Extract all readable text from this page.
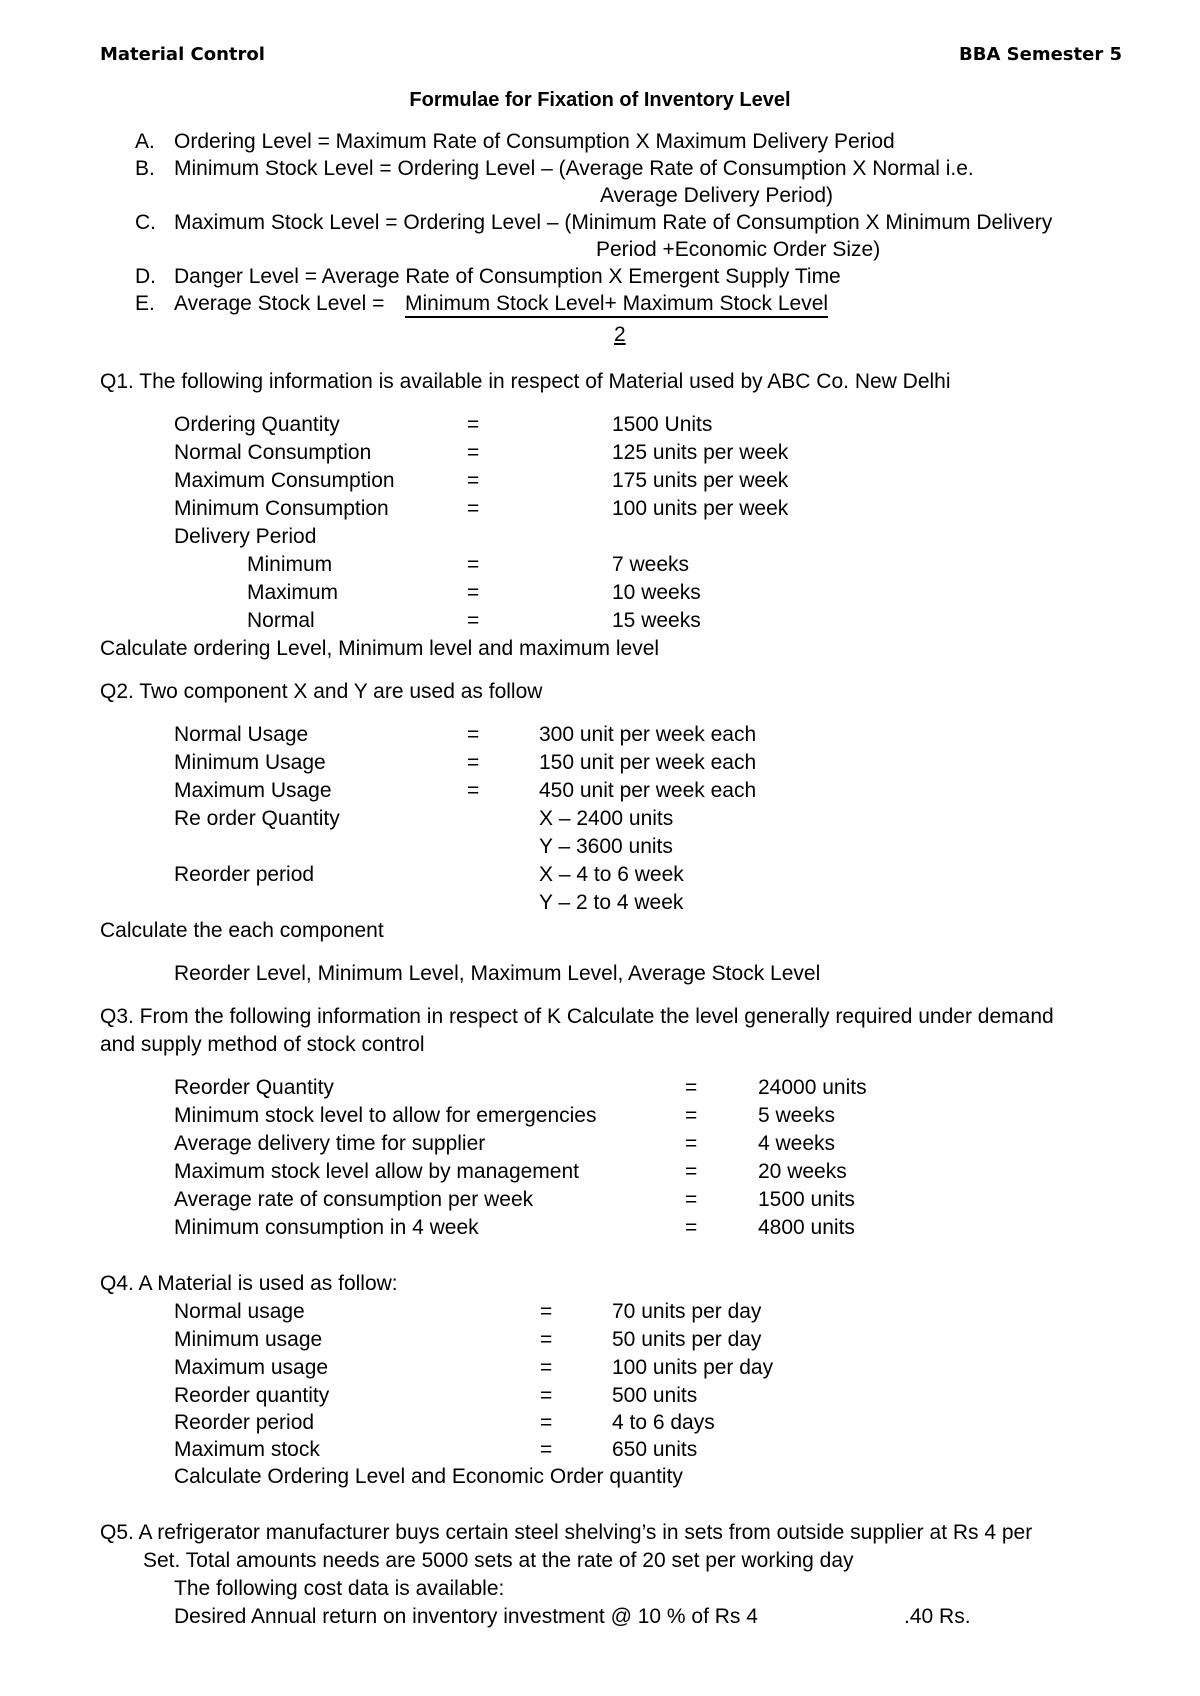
Material Control	BBA Semester 5
Formulae for Fixation of Inventory Level
A. Ordering Level = Maximum Rate of Consumption X Maximum Delivery Period
B. Minimum Stock Level = Ordering Level – (Average Rate of Consumption X Normal i.e.
Average Delivery Period)
C. Maximum Stock Level = Ordering Level – (Minimum Rate of Consumption X Minimum Delivery
Period +Economic Order Size)
D. Danger Level = Average Rate of Consumption X Emergent Supply Time
E. Average Stock Level = Minimum Stock Level+ Maximum Stock Level
2
Q1. The following information is available in respect of Material used by ABC Co. New Delhi
Ordering Quantity	=	1500 Units
Normal Consumption	=	125 units per week
Maximum Consumption	=	175 units per week
Minimum Consumption	=	100 units per week
Delivery Period
Minimum	=	7 weeks
Maximum	=	10 weeks
Normal	=	15 weeks
Calculate ordering Level, Minimum level and maximum level
Q2. Two component X and Y are used as follow
Normal Usage	=	300 unit per week each
Minimum Usage	=	150 unit per week each
Maximum Usage	=	450 unit per week each
Re order Quantity	X – 2400 units
Y – 3600 units
Reorder period	X – 4 to 6 week
Y – 2 to 4 week
Calculate the each component
Reorder Level, Minimum Level, Maximum Level, Average Stock Level
Q3. From the following information in respect of K Calculate the level generally required under demand
and supply method of stock control
Reorder Quantity	=	24000 units
Minimum stock level to allow for emergencies	=	5 weeks
Average delivery time for supplier	=	4 weeks
Maximum stock level allow by management	=	20 weeks
Average rate of consumption per week	=	1500 units
Minimum consumption in 4 week	=	4800 units
Q4. A Material is used as follow:
Normal usage	=	70 units per day
Minimum usage	=	50 units per day
Maximum usage	=	100 units per day
Reorder quantity	=	500 units
Reorder period	=	4 to 6 days
Maximum stock	=	650 units
Calculate Ordering Level and Economic Order quantity
Q5. A refrigerator manufacturer buys certain steel shelving’s in sets from outside supplier at Rs 4 per
Set. Total amounts needs are 5000 sets at the rate of 20 set per working day
The following cost data is available:
Desired Annual return on inventory investment @ 10 % of Rs 4	.40 Rs.
